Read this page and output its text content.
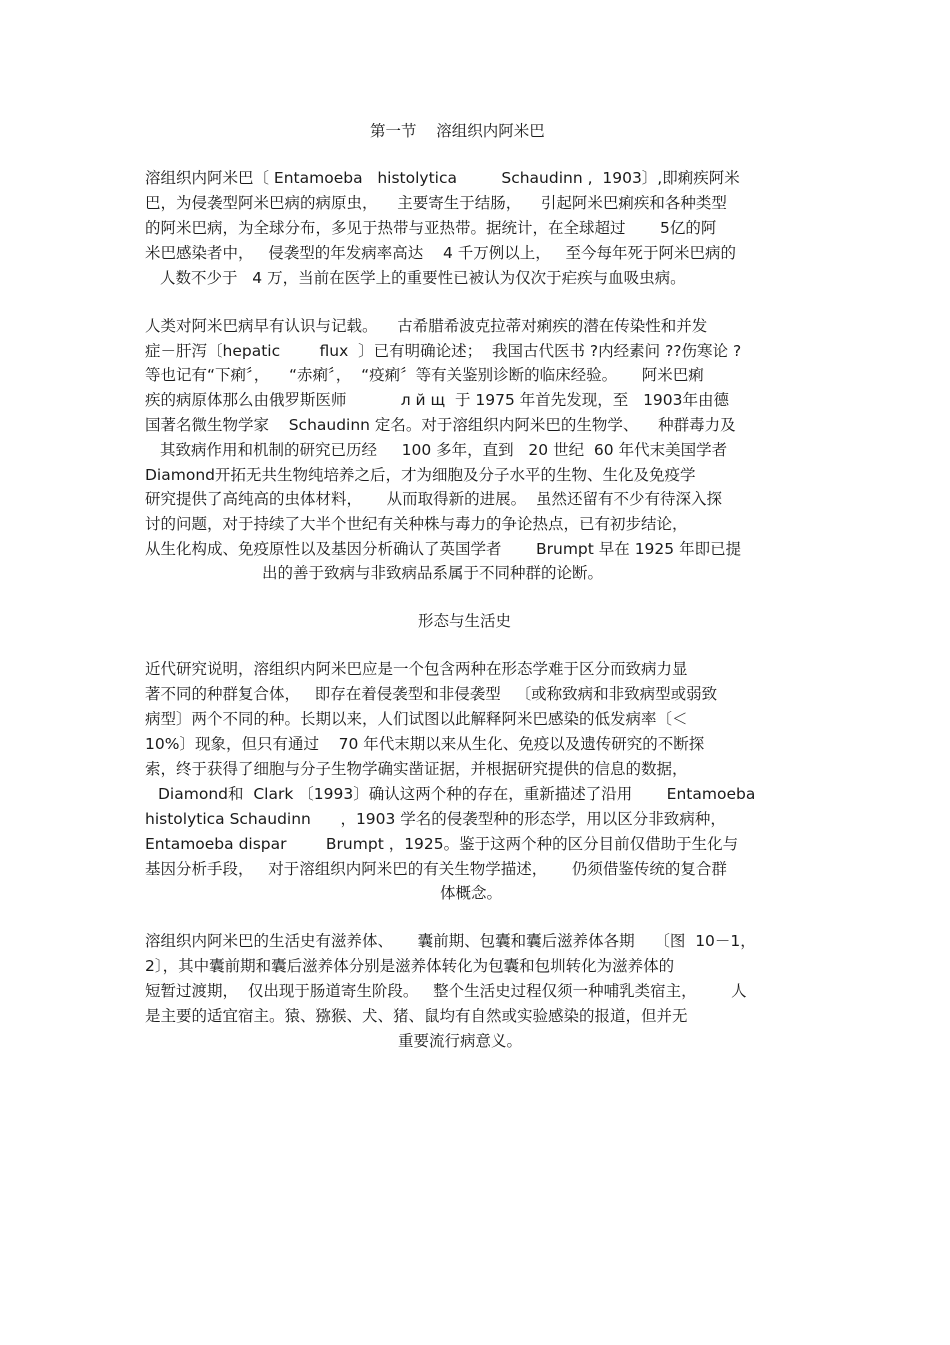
第一节    溶组织内阿米巴
溶组织内阿米巴〔 Entamoeba   histolytica         Schaudinn ,  1903〕,即痢疾阿米
巴，为侵袭型阿米巴病的病原虫，    主要寄生于结肠，    引起阿米巴痢疾和各种类型
的阿米巴病，为全球分布，多见于热带与亚热带。据统计，在全球超过       5亿的阿
米巴感染者中，   侵袭型的年发病率高达    4 千万例以上，   至今每年死于阿米巴病的
人数不少于   4 万，当前在医学上的重要性已被认为仅次于疟疾与血吸虫病。
人类对阿米巴病早有认识与记载。    古希腊希波克拉蒂对痢疾的潜在传染性和并发
症－肝泻〔hepatic        flux  〕已有明确论述；  我国古代医书 ?内经素问 ??伤寒论 ?
等也记有“下痢〞，    “赤痢〞，  “疫痢〞等有关鉴别诊断的临床经验。     阿米巴痢
疾的病原体那么由俄罗斯医师           л й щ  于 1975 年首先发现，至   1903年由德
国著名微生物学家    Schaudinn 定名。对于溶组织内阿米巴的生物学、    种群毒力及
其致病作用和机制的研究已历经     100 多年，直到   20 世纪  60 年代末美国学者
Diamond开拓无共生物纯培养之后，才为细胞及分子水平的生物、生化及免疫学
研究提供了高纯高的虫体材料，     从而取得新的进展。  虽然还留有不少有待深入探
讨的问题，对于持续了大半个世纪有关种株与毒力的争论热点，已有初步结论，
从生化构成、免疫原性以及基因分析确认了英国学者       Brumpt 早在 1925 年即已提
出的善于致病与非致病品系属于不同种群的论断。
形态与生活史
近代研究说明，溶组织内阿米巴应是一个包含两种在形态学难于区分而致病力显
著不同的种群复合体，   即存在着侵袭型和非侵袭型   〔或称致病和非致病型或弱致
病型〕两个不同的种。长期以来，人们试图以此解释阿米巴感染的低发病率〔＜
10%〕现象，但只有通过    70 年代末期以来从生化、免疫以及遗传研究的不断探
索，终于获得了细胞与分子生物学确实凿证据，并根据研究提供的信息的数据，
Diamond和  Clark 〔1993〕确认这两个种的存在，重新描述了沿用       Entamoeba
histolytica Schaudinn      ，1903 学名的侵袭型种的形态学，用以区分非致病种，
Entamoeba dispar        Brumpt ，1925。鉴于这两个种的区分目前仅借助于生化与
基因分析手段，   对于溶组织内阿米巴的有关生物学描述，     仍须借鉴传统的复合群
体概念。
溶组织内阿米巴的生活史有滋养体、     囊前期、包囊和囊后滋养体各期    〔图  10－1，
2〕，其中囊前期和囊后滋养体分别是滋养体转化为包囊和包圳转化为滋养体的
短暂过渡期，  仅出现于肠道寄生阶段。   整个生活史过程仅须一种哺乳类宿主，       人
是主要的适宜宿主。猿、猕猴、犬、猪、鼠均有自然或实验感染的报道，但并无
重要流行病意义。
